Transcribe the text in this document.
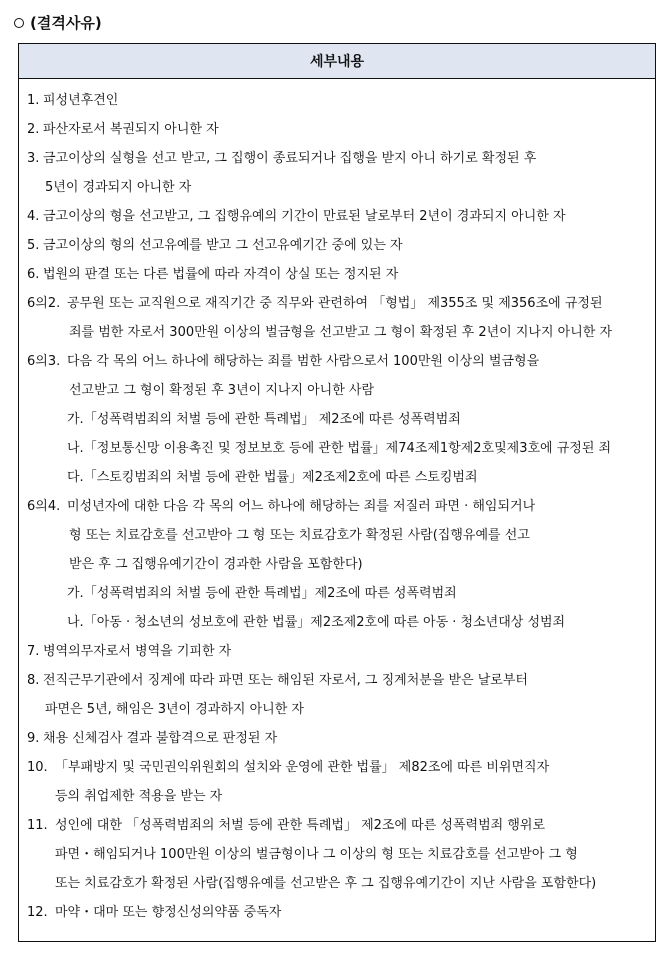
(결격사유)
세부내용
1. 피성년후견인
2. 파산자로서 복권되지 아니한 자
3. 금고이상의 실형을 선고 받고, 그 집행이 종료되거나 집행을 받지 아니 하기로 확정된 후
5년이 경과되지 아니한 자
4. 금고이상의 형을 선고받고, 그 집행유예의 기간이 만료된 날로부터 2년이 경과되지 아니한 자
5. 금고이상의 형의 선고유예를 받고 그 선고유예기간 중에 있는 자
6. 법원의 판결 또는 다른 법률에 따라 자격이 상실 또는 정지된 자
6의2. 공무원 또는 교직원으로 재직기간 중 직무와 관련하여 「형법」 제355조 및 제356조에 규정된
죄를 범한 자로서 300만원 이상의 벌금형을 선고받고 그 형이 확정된 후 2년이 지나지 아니한 자
6의3. 다음 각 목의 어느 하나에 해당하는 죄를 범한 사람으로서 100만원 이상의 벌금형을
선고받고 그 형이 확정된 후 3년이 지나지 아니한 사람
가.「성폭력범죄의 처벌 등에 관한 특례법」 제2조에 따른 성폭력범죄
나.「정보통신망 이용촉진 및 정보보호 등에 관한 법률」제74조제1항제2호및제3호에 규정된 죄
다.「스토킹범죄의 처벌 등에 관한 법률」제2조제2호에 따른 스토킹범죄
6의4. 미성년자에 대한 다음 각 목의 어느 하나에 해당하는 죄를 저질러 파면 · 해임되거나
형 또는 치료감호를 선고받아 그 형 또는 치료감호가 확정된 사람(집행유예를 선고
받은 후 그 집행유예기간이 경과한 사람을 포함한다)
가.「성폭력범죄의 처벌 등에 관한 특례법」제2조에 따른 성폭력범죄
나.「아동 · 청소년의 성보호에 관한 법률」제2조제2호에 따른 아동 · 청소년대상 성범죄
7. 병역의무자로서 병역을 기피한 자
8. 전직근무기관에서 징계에 따라 파면 또는 해임된 자로서, 그 징계처분을 받은 날로부터
파면은 5년, 해임은 3년이 경과하지 아니한 자
9. 채용 신체검사 결과 불합격으로 판정된 자
10. 「부패방지 및 국민권익위원회의 설치와 운영에 관한 법률」 제82조에 따른 비위면직자
등의 취업제한 적용을 받는 자
11. 성인에 대한 「성폭력범죄의 처벌 등에 관한 특례법」 제2조에 따른 성폭력범죄 행위로
파면・해임되거나 100만원 이상의 벌금형이나 그 이상의 형 또는 치료감호를 선고받아 그 형
또는 치료감호가 확정된 사람(집행유예를 선고받은 후 그 집행유예기간이 지난 사람을 포함한다)
12. 마약・대마 또는 향정신성의약품 중독자
